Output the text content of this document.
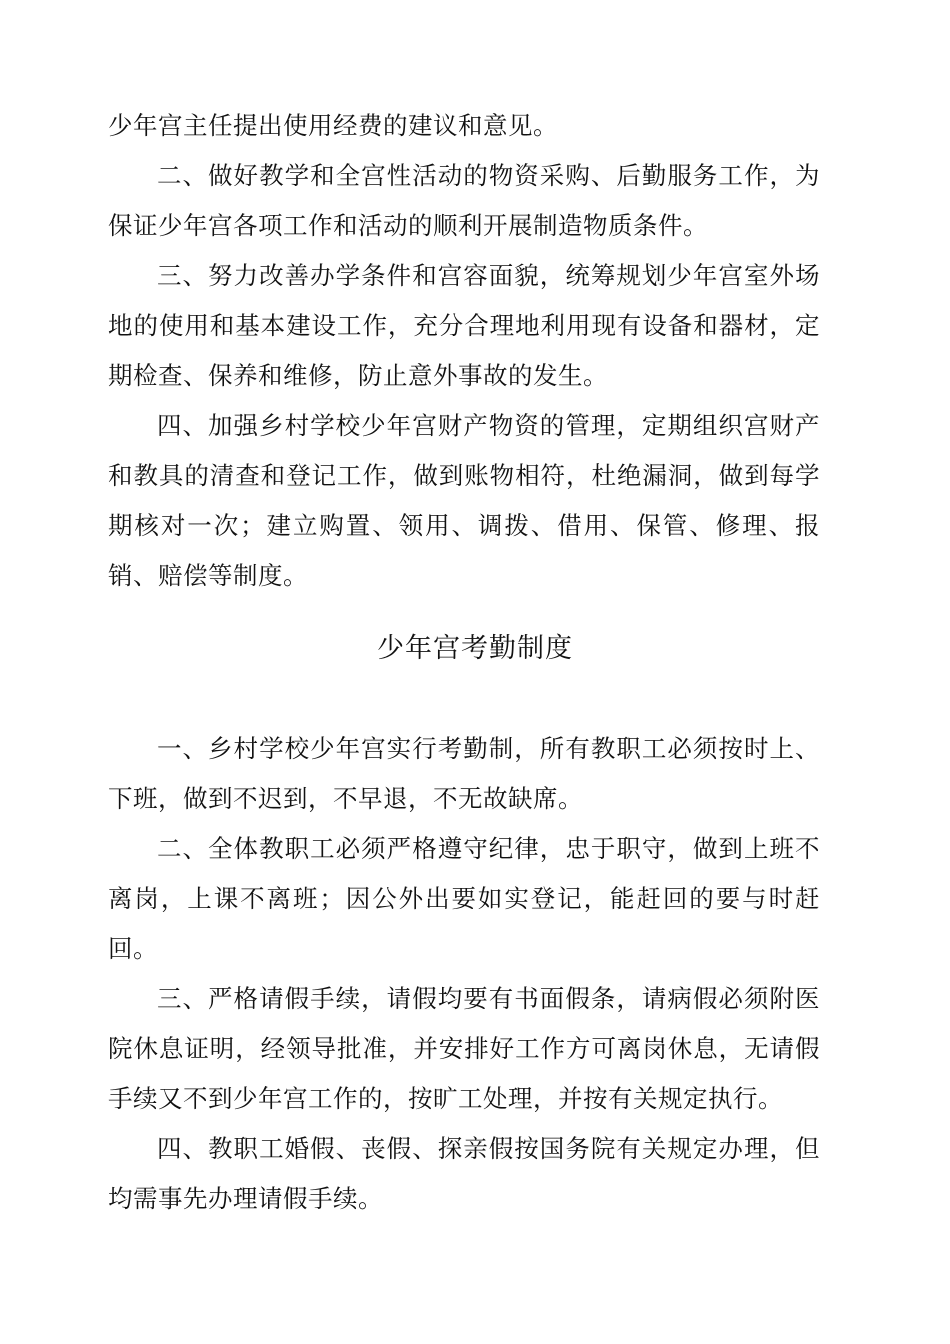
少年宫主任提出使用经费的建议和意见。

二、做好教学和全宫性活动的物资采购、后勤服务工作，为保证少年宫各项工作和活动的顺利开展制造物质条件。

三、努力改善办学条件和宫容面貌，统筹规划少年宫室外场地的使用和基本建设工作，充分合理地利用现有设备和器材，定期检查、保养和维修，防止意外事故的发生。

四、加强乡村学校少年宫财产物资的管理，定期组织宫财产和教具的清查和登记工作，做到账物相符，杜绝漏洞，做到每学期核对一次；建立购置、领用、调拨、借用、保管、修理、报销、赔偿等制度。

少年宫考勤制度

一、乡村学校少年宫实行考勤制，所有教职工必须按时上、下班，做到不迟到，不早退，不无故缺席。

二、全体教职工必须严格遵守纪律，忠于职守，做到上班不离岗，上课不离班；因公外出要如实登记，能赶回的要与时赶回。

三、严格请假手续，请假均要有书面假条，请病假必须附医院休息证明，经领导批准，并安排好工作方可离岗休息，无请假手续又不到少年宫工作的，按旷工处理，并按有关规定执行。

四、教职工婚假、丧假、探亲假按国务院有关规定办理，但均需事先办理请假手续。
